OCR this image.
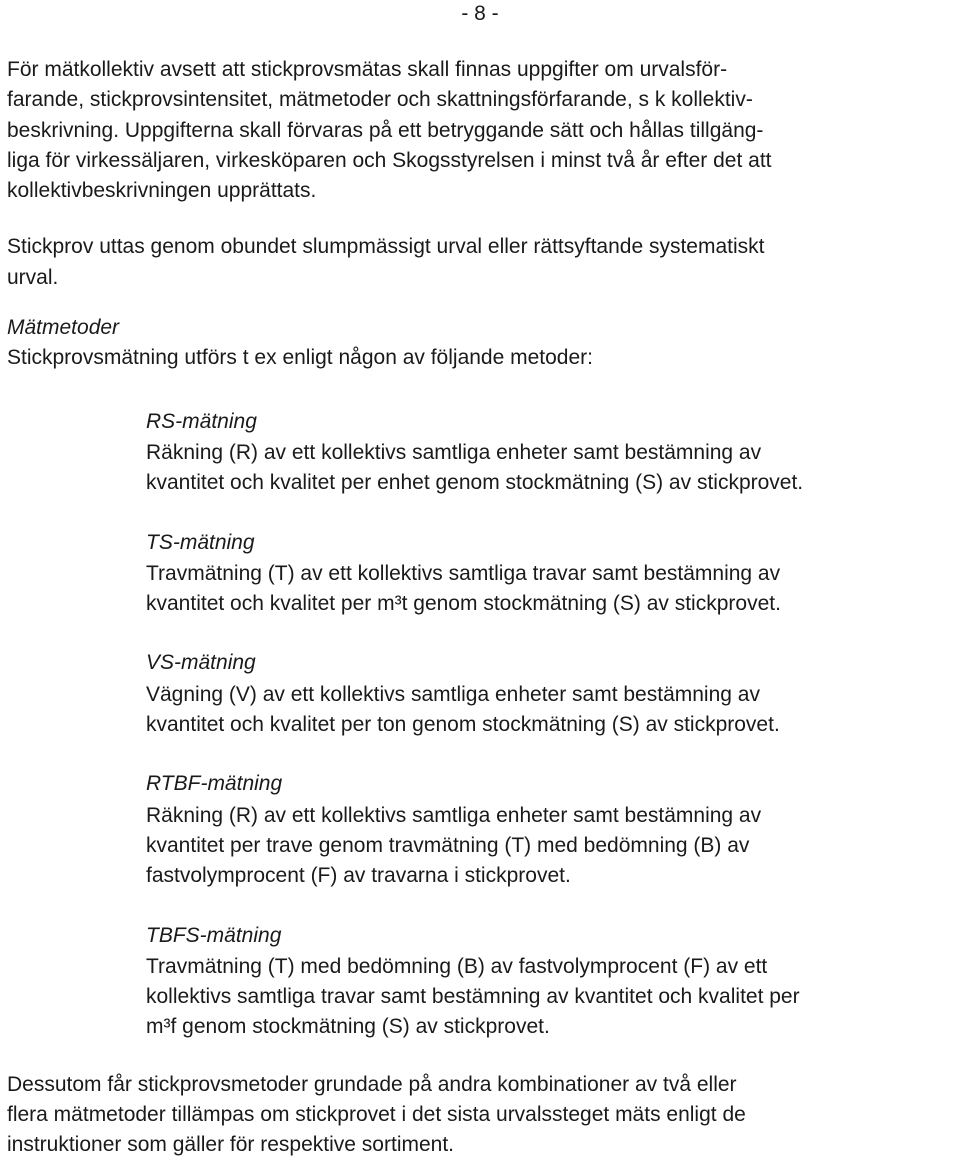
- 8 -

För mätkollektiv avsett att stickprovsmätas skall finnas uppgifter om urvalsför-
farande, stickprovsintensitet, mätmetoder och skattningsförfarande, s k kollektiv-
beskrivning. Uppgifterna skall förvaras på ett betryggande sätt och hållas tillgäng-
liga för virkessäljaren, virkesköparen och Skogsstyrelsen i minst två år efter det att
kollektivbeskrivningen upprättats.

Stickprov uttas genom obundet slumpmässigt urval eller rättsyftande systematiskt
urval.

Mätmetoder

Stickprovsmätning utförs t ex enligt någon av följande metoder:

RS-mätning

Räkning (R) av ett kollektivs samtliga enheter samt bestämning av
kvantitet och kvalitet per enhet genom stockmätning (S) av stickprovet.

TS-mätning

Travmätning (T) av ett kollektivs samtliga travar samt bestämning av
kvantitet och kvalitet per m³t genom stockmätning (S) av stickprovet.

VS-mätning

Vägning (V) av ett kollektivs samtliga enheter samt bestämning av
kvantitet och kvalitet per ton genom stockmätning (S) av stickprovet.

RTBF-mätning

Räkning (R) av ett kollektivs samtliga enheter samt bestämning av
kvantitet per trave genom travmätning (T) med bedömning (B) av
fastvolymprocent (F) av travarna i stickprovet.

TBFS-mätning

Travmätning (T) med bedömning (B) av fastvolymprocent (F) av ett
kollektivs samtliga travar samt bestämning av kvantitet och kvalitet per
m³f genom stockmätning (S) av stickprovet.

Dessutom får stickprovsmetoder grundade på andra kombinationer av två eller
flera mätmetoder tillämpas om stickprovet i det sista urvalssteget mäts enligt de
instruktioner som gäller för respektive sortiment.
